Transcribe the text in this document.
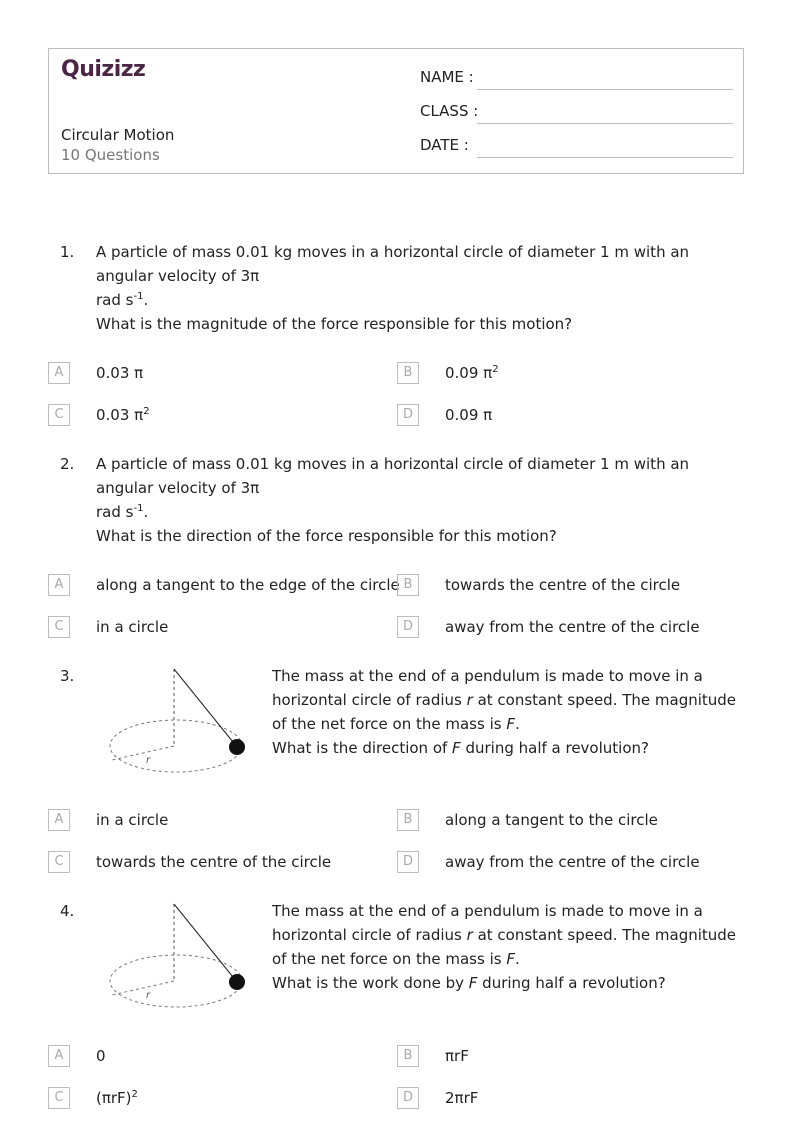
Quizizz
Circular Motion
10 Questions
NAME :
CLASS :
DATE :
1. A particle of mass 0.01 kg moves in a horizontal circle of diameter 1 m with an angular velocity of 3π
rad $s^{-1}$.
What is the magnitude of the force responsible for this motion?
A	0.03 π	B	0.09 $\pi^2$
C	0.03 $\pi^2$	D	0.09 π
2. A particle of mass 0.01 kg moves in a horizontal circle of diameter 1 m with an angular velocity of 3π
rad $s^{-1}$.
What is the direction of the force responsible for this motion?
A	along a tangent to the edge of the circle B	towards the centre of the circle
C	in a circle	D	away from the centre of the circle
3.
r
The mass at the end of a pendulum is made to move in a horizontal circle of radius r at constant speed. The magnitude of the net force on the mass is F.
What is the direction of F during half a revolution?
A	in a circle	B	along a tangent to the circle
C	towards the centre of the circle	D	away from the centre of the circle
4.
r
The mass at the end of a pendulum is made to move in a horizontal circle of radius r at constant speed. The magnitude of the net force on the mass is F.
What is the work done by F during half a revolution?
A	0	B	πrF
C	$(\pi rF)^2$	D	2πrF
